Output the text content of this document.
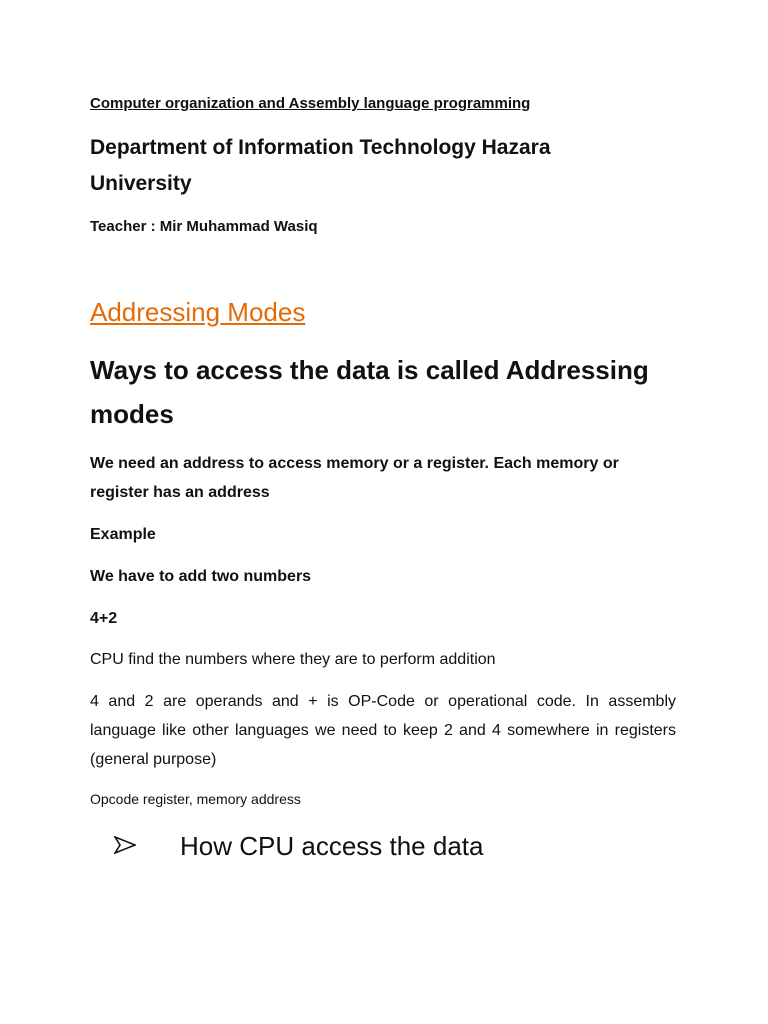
Computer organization and Assembly language programming
Department of Information Technology Hazara University
Teacher : Mir Muhammad Wasiq
Addressing Modes
Ways to access the data is called Addressing modes
We need an address to access memory or a register. Each memory or register has an address
Example
We have to add two numbers
4+2
CPU find the numbers where they are to perform addition
4 and 2 are operands and + is OP-Code or operational code. In assembly language like other languages we need to keep 2 and 4 somewhere in registers (general purpose)
Opcode register, memory address
How CPU access the data
